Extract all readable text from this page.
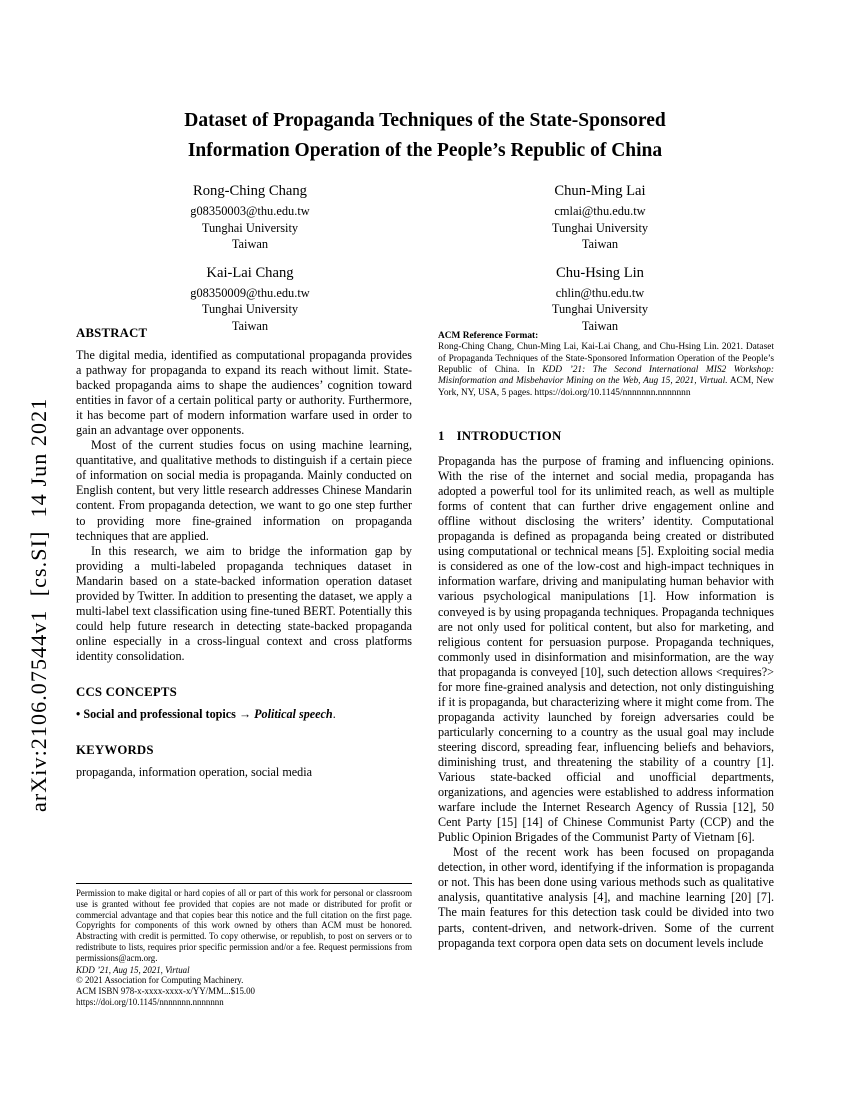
arXiv:2106.07544v1  [cs.SI]  14 Jun 2021
Dataset of Propaganda Techniques of the State-Sponsored
Information Operation of the People’s Republic of China
Rong-Ching Chang
g08350003@thu.edu.tw
Tunghai University
Taiwan
Chun-Ming Lai
cmlai@thu.edu.tw
Tunghai University
Taiwan
Kai-Lai Chang
g08350009@thu.edu.tw
Tunghai University
Taiwan
Chu-Hsing Lin
chlin@thu.edu.tw
Tunghai University
Taiwan
ABSTRACT

The digital media, identified as computational propaganda provides a pathway for propaganda to expand its reach without limit. State-backed propaganda aims to shape the audiences’ cognition toward entities in favor of a certain political party or authority. Furthermore, it has become part of modern information warfare used in order to gain an advantage over opponents.

Most of the current studies focus on using machine learning, quantitative, and qualitative methods to distinguish if a certain piece of information on social media is propaganda. Mainly conducted on English content, but very little research addresses Chinese Mandarin content. From propaganda detection, we want to go one step further to providing more fine-grained information on propaganda techniques that are applied.

In this research, we aim to bridge the information gap by providing a multi-labeled propaganda techniques dataset in Mandarin based on a state-backed information operation dataset provided by Twitter. In addition to presenting the dataset, we apply a multi-label text classification using fine-tuned BERT. Potentially this could help future research in detecting state-backed propaganda online especially in a cross-lingual context and cross platforms identity consolidation.

CCS CONCEPTS

• Social and professional topics → Political speech.

KEYWORDS

propaganda, information operation, social media

ACM Reference Format:
Rong-Ching Chang, Chun-Ming Lai, Kai-Lai Chang, and Chu-Hsing Lin. 2021. Dataset of Propaganda Techniques of the State-Sponsored Information Operation of the People’s Republic of China. In KDD ’21: The Second International MIS2 Workshop: Misinformation and Misbehavior Mining on the Web, Aug 15, 2021, Virtual. ACM, New York, NY, USA, 5 pages. https://doi.org/10.1145/nnnnnnn.nnnnnnn
1 INTRODUCTION

Propaganda has the purpose of framing and influencing opinions. With the rise of the internet and social media, propaganda has adopted a powerful tool for its unlimited reach, as well as multiple forms of content that can further drive engagement online and offline without disclosing the writers’ identity. Computational propaganda is defined as propaganda being created or distributed using computational or technical means [5]. Exploiting social media is considered as one of the low-cost and high-impact techniques in information warfare, driving and manipulating human behavior with various psychological manipulations [1]. How information is conveyed is by using propaganda techniques. Propaganda techniques are not only used for political content, but also for marketing, and religious content for persuasion purpose. Propaganda techniques, commonly used in disinformation and misinformation, are the way that propaganda is conveyed [10], such detection allows <requires?> for more fine-grained analysis and detection, not only distinguishing if it is propaganda, but characterizing where it might come from. The propaganda activity launched by foreign adversaries could be particularly concerning to a country as the usual goal may include steering discord, spreading fear, influencing beliefs and behaviors, diminishing trust, and threatening the stability of a country [1]. Various state-backed official and unofficial departments, organizations, and agencies were established to address information warfare include the Internet Research Agency of Russia [12], 50 Cent Party [15] [14] of Chinese Communist Party (CCP) and the Public Opinion Brigades of the Communist Party of Vietnam [6].

Most of the recent work has been focused on propaganda detection, in other word, identifying if the information is propaganda or not. This has been done using various methods such as qualitative analysis, quantitative analysis [4], and machine learning [20] [7]. The main features for this detection task could be divided into two parts, content-driven, and network-driven. Some of the current propaganda text corpora open data sets on document levels include

Permission to make digital or hard copies of all or part of this work for personal or classroom use is granted without fee provided that copies are not made or distributed for profit or commercial advantage and that copies bear this notice and the full citation on the first page. Copyrights for components of this work owned by others than ACM must be honored. Abstracting with credit is permitted. To copy otherwise, or republish, to post on servers or to redistribute to lists, requires prior specific permission and/or a fee. Request permissions from permissions@acm.org.

KDD ’21, Aug 15, 2021, Virtual

© 2021 Association for Computing Machinery.

ACM ISBN 978-x-xxxx-xxxx-x/YY/MM...$15.00

https://doi.org/10.1145/nnnnnnn.nnnnnnn
